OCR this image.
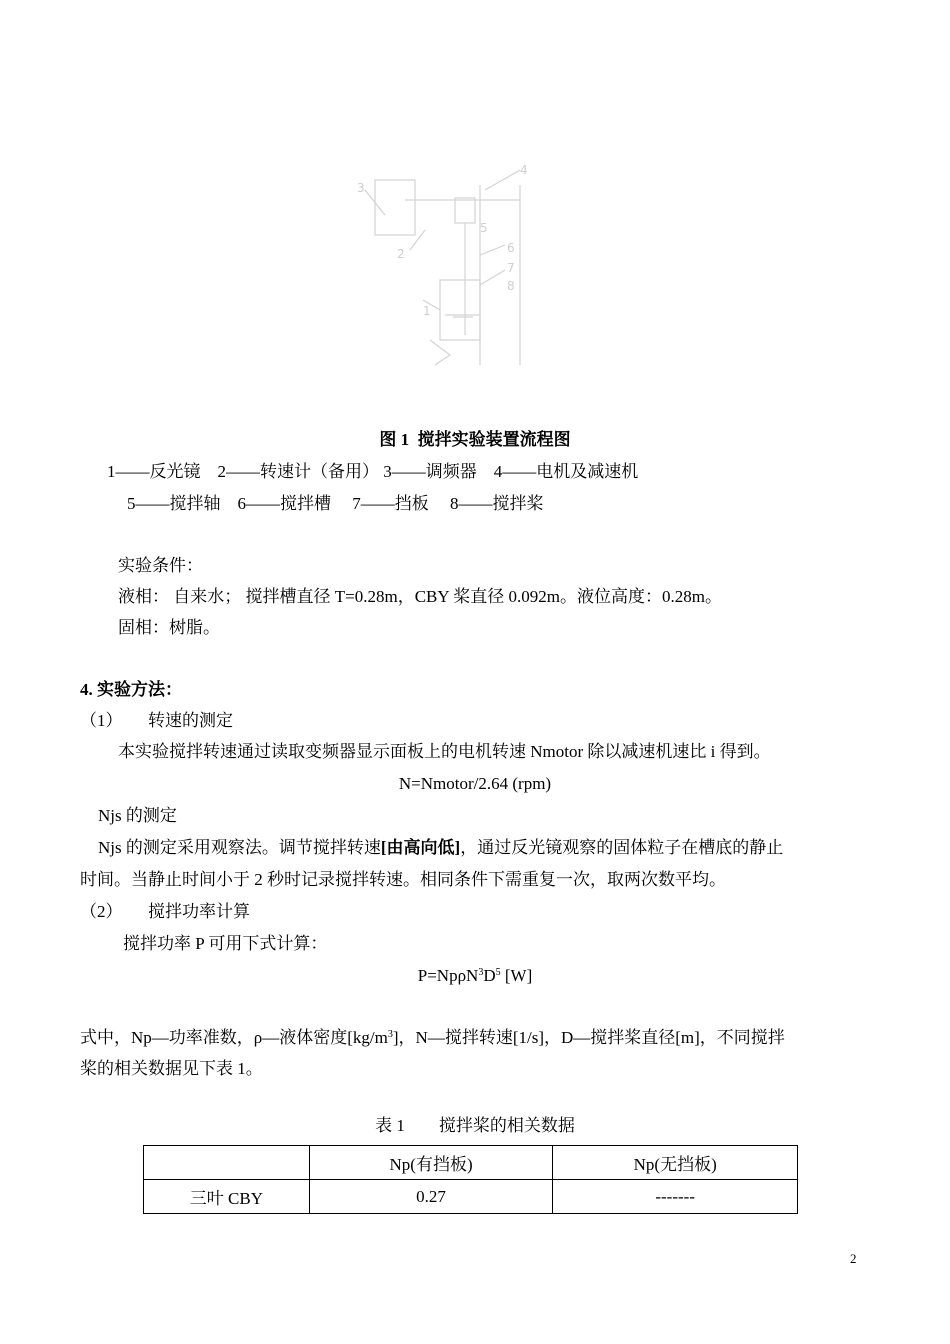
1
2
3
4
5
6
7
8
图 1 搅拌实验装置流程图
1——反光镜　2——转速计（备用） 3——调频器　4——电机及减速机
5——搅拌轴　6——搅拌槽　 7——挡板　 8——搅拌桨
实验条件：
液相： 自来水； 搅拌槽直径 T=0.28m，CBY 桨直径 0.092m。液位高度：0.28m。
固相：树脂。
4. 实验方法：
（1） 转速的测定
本实验搅拌转速通过读取变频器显示面板上的电机转速 Nmotor 除以减速机速比 i 得到。
N=Nmotor/2.64 (rpm)
Njs 的测定
Njs 的测定采用观察法。调节搅拌转速[由高向低]，通过反光镜观察的固体粒子在槽底的静止
时间。当静止时间小于 2 秒时记录搅拌转速。相同条件下需重复一次，取两次数平均。
（2） 搅拌功率计算
搅拌功率 P 可用下式计算：
$P=Np\rho N^3D^5$ [W]
式中，Np—功率准数，ρ—液体密度$[kg/m^3]$，N—搅拌转速[1/s]，D—搅拌桨直径[m]，不同搅拌
桨的相关数据见下表 1。
表 1        搅拌桨的相关数据
	Np(有挡板)	Np(无挡板)
三叶 CBY	0.27	-------
2
